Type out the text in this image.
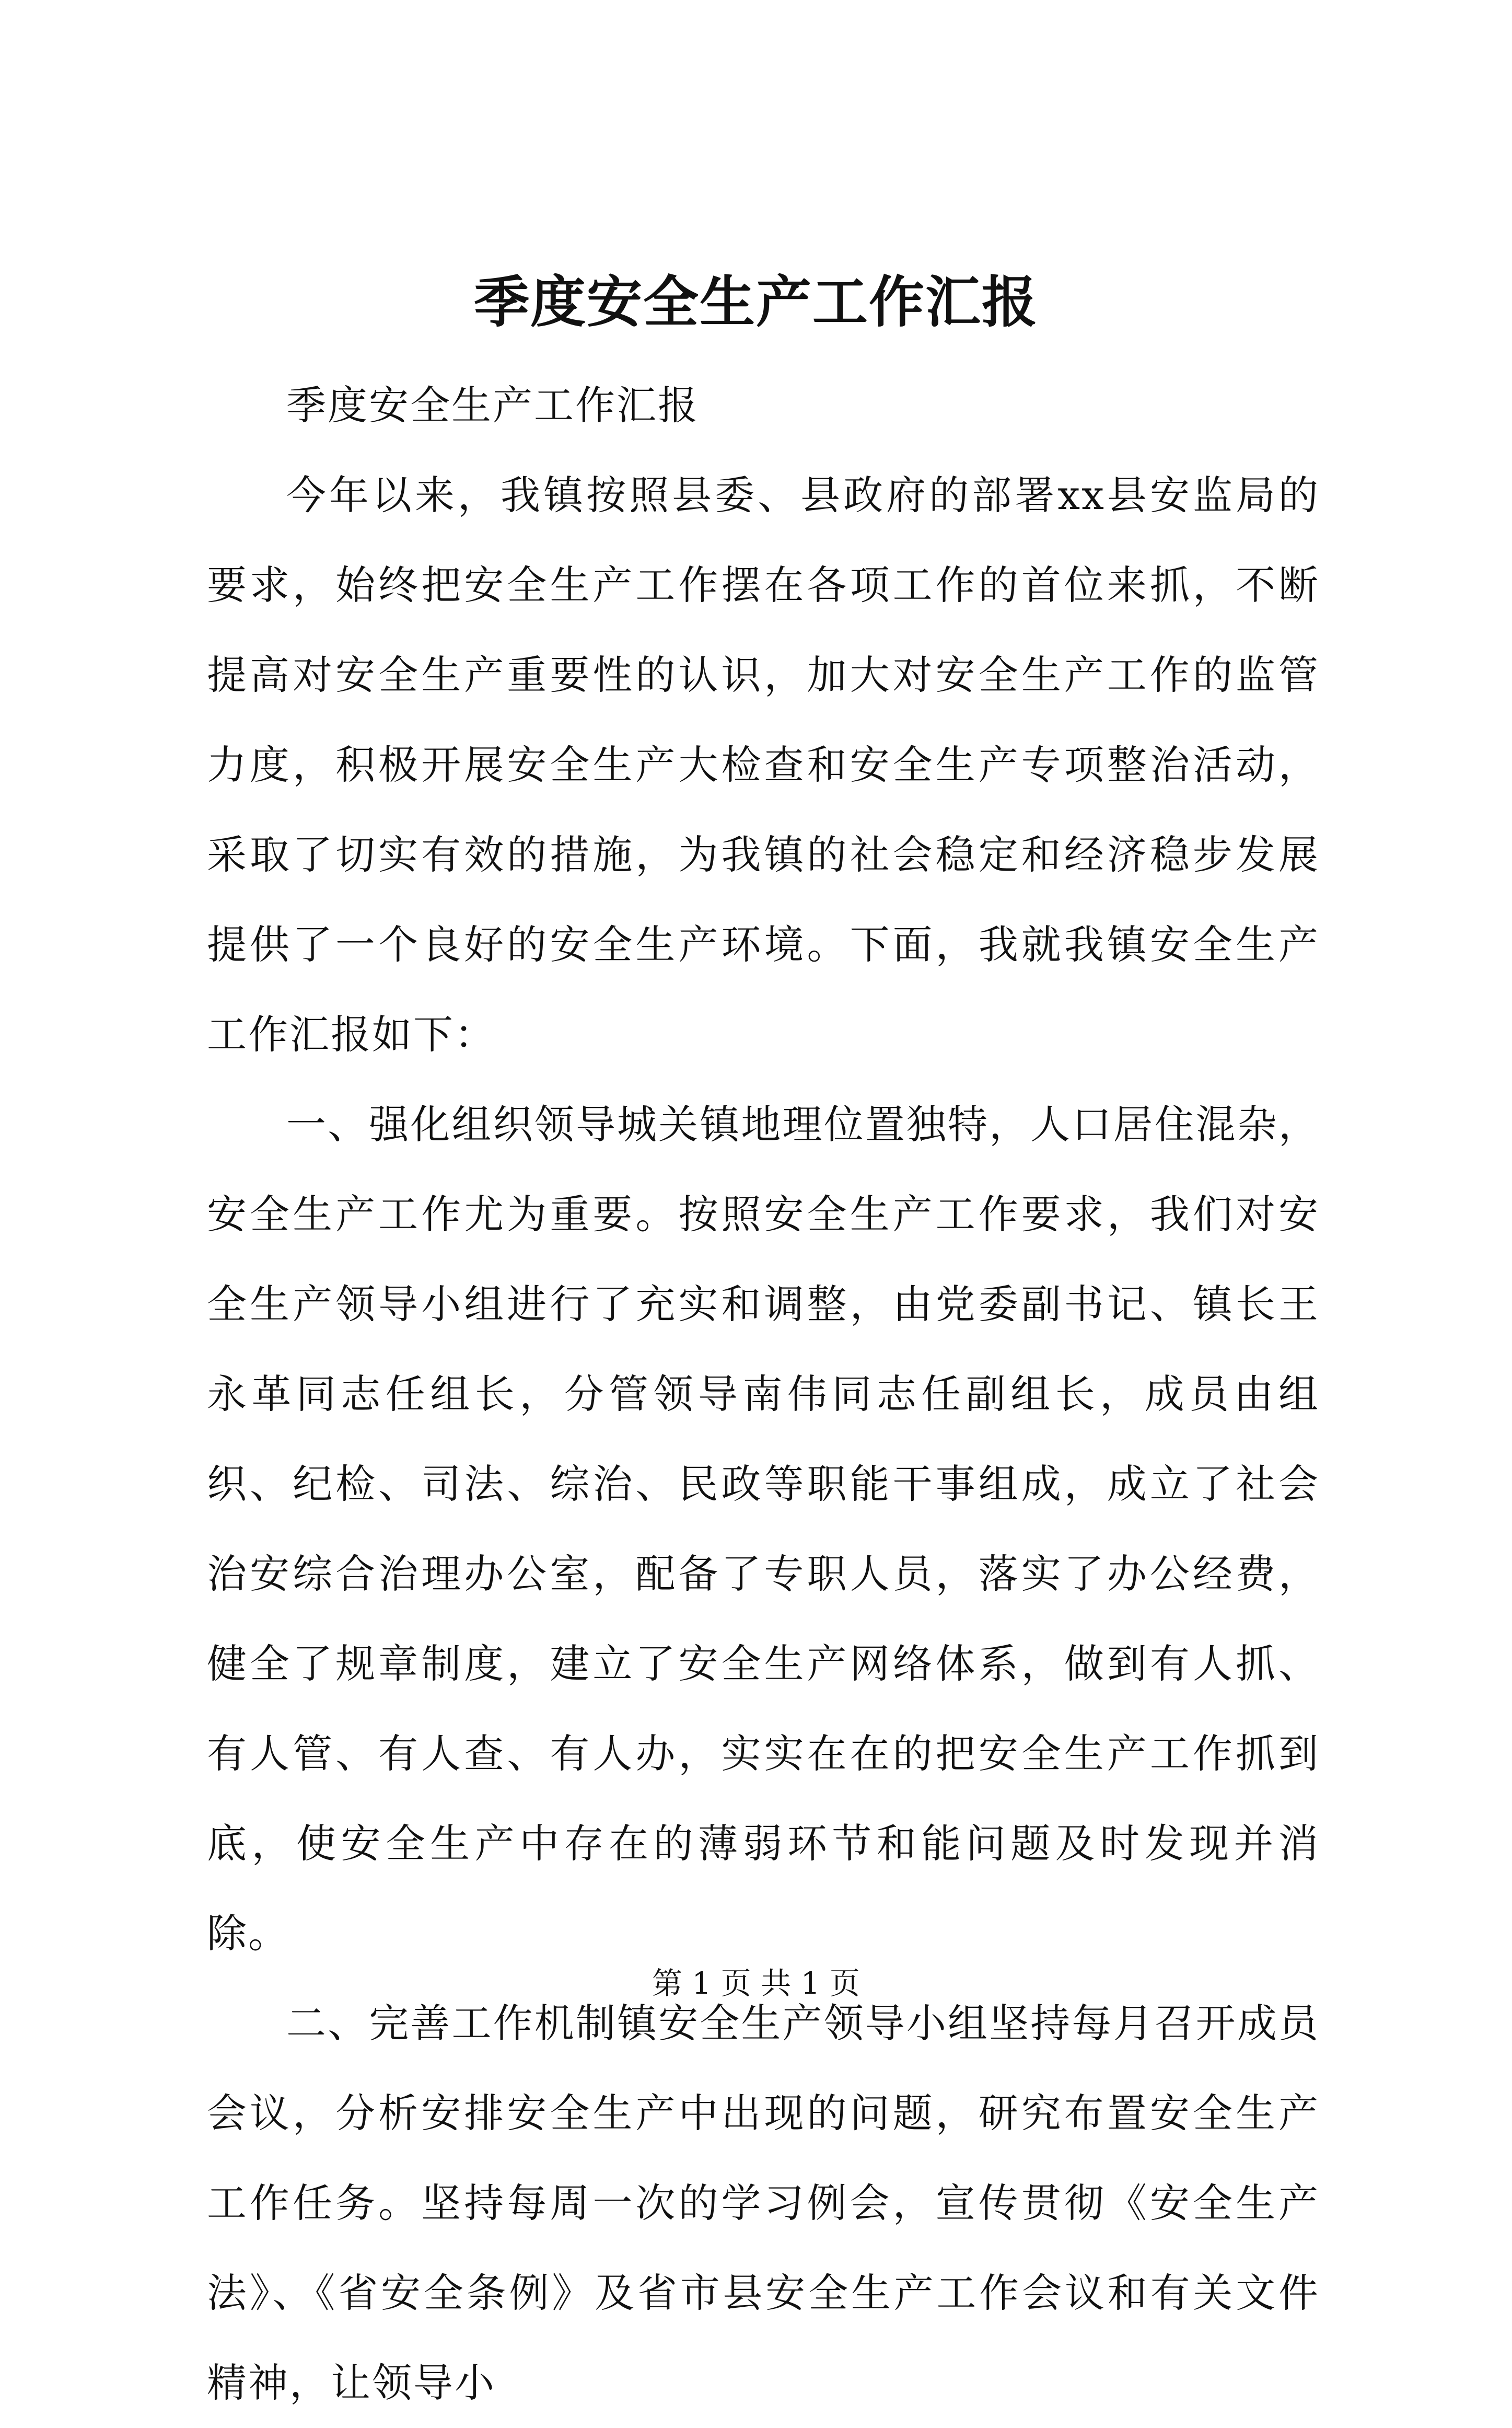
季度安全生产工作汇报

季度安全生产工作汇报

今年以来，我镇按照县委、县政府的部署xx县安监局的要求，始终把安全生产工作摆在各项工作的首位来抓，不断提高对安全生产重要性的认识，加大对安全生产工作的监管力度，积极开展安全生产大检查和安全生产专项整治活动，采取了切实有效的措施，为我镇的社会稳定和经济稳步发展提供了一个良好的安全生产环境。下面，我就我镇安全生产工作汇报如下：

一、强化组织领导城关镇地理位置独特，人口居住混杂，安全生产工作尤为重要。按照安全生产工作要求，我们对安全生产领导小组进行了充实和调整，由党委副书记、镇长王永革同志任组长，分管领导南伟同志任副组长，成员由组织、纪检、司法、综治、民政等职能干事组成，成立了社会治安综合治理办公室，配备了专职人员，落实了办公经费，健全了规章制度，建立了安全生产网络体系，做到有人抓、有人管、有人查、有人办，实实在在的把安全生产工作抓到底，使安全生产中存在的薄弱环节和能问题及时发现并消除。

二、完善工作机制镇安全生产领导小组坚持每月召开成员会议，分析安排安全生产中出现的问题，研究布置安全生产工作任务。坚持每周一次的学习例会，宣传贯彻《安全生产法》、《省安全条例》及省市县安全生产工作会议和有关文件精神，让领导小

第 1 页 共 1 页
